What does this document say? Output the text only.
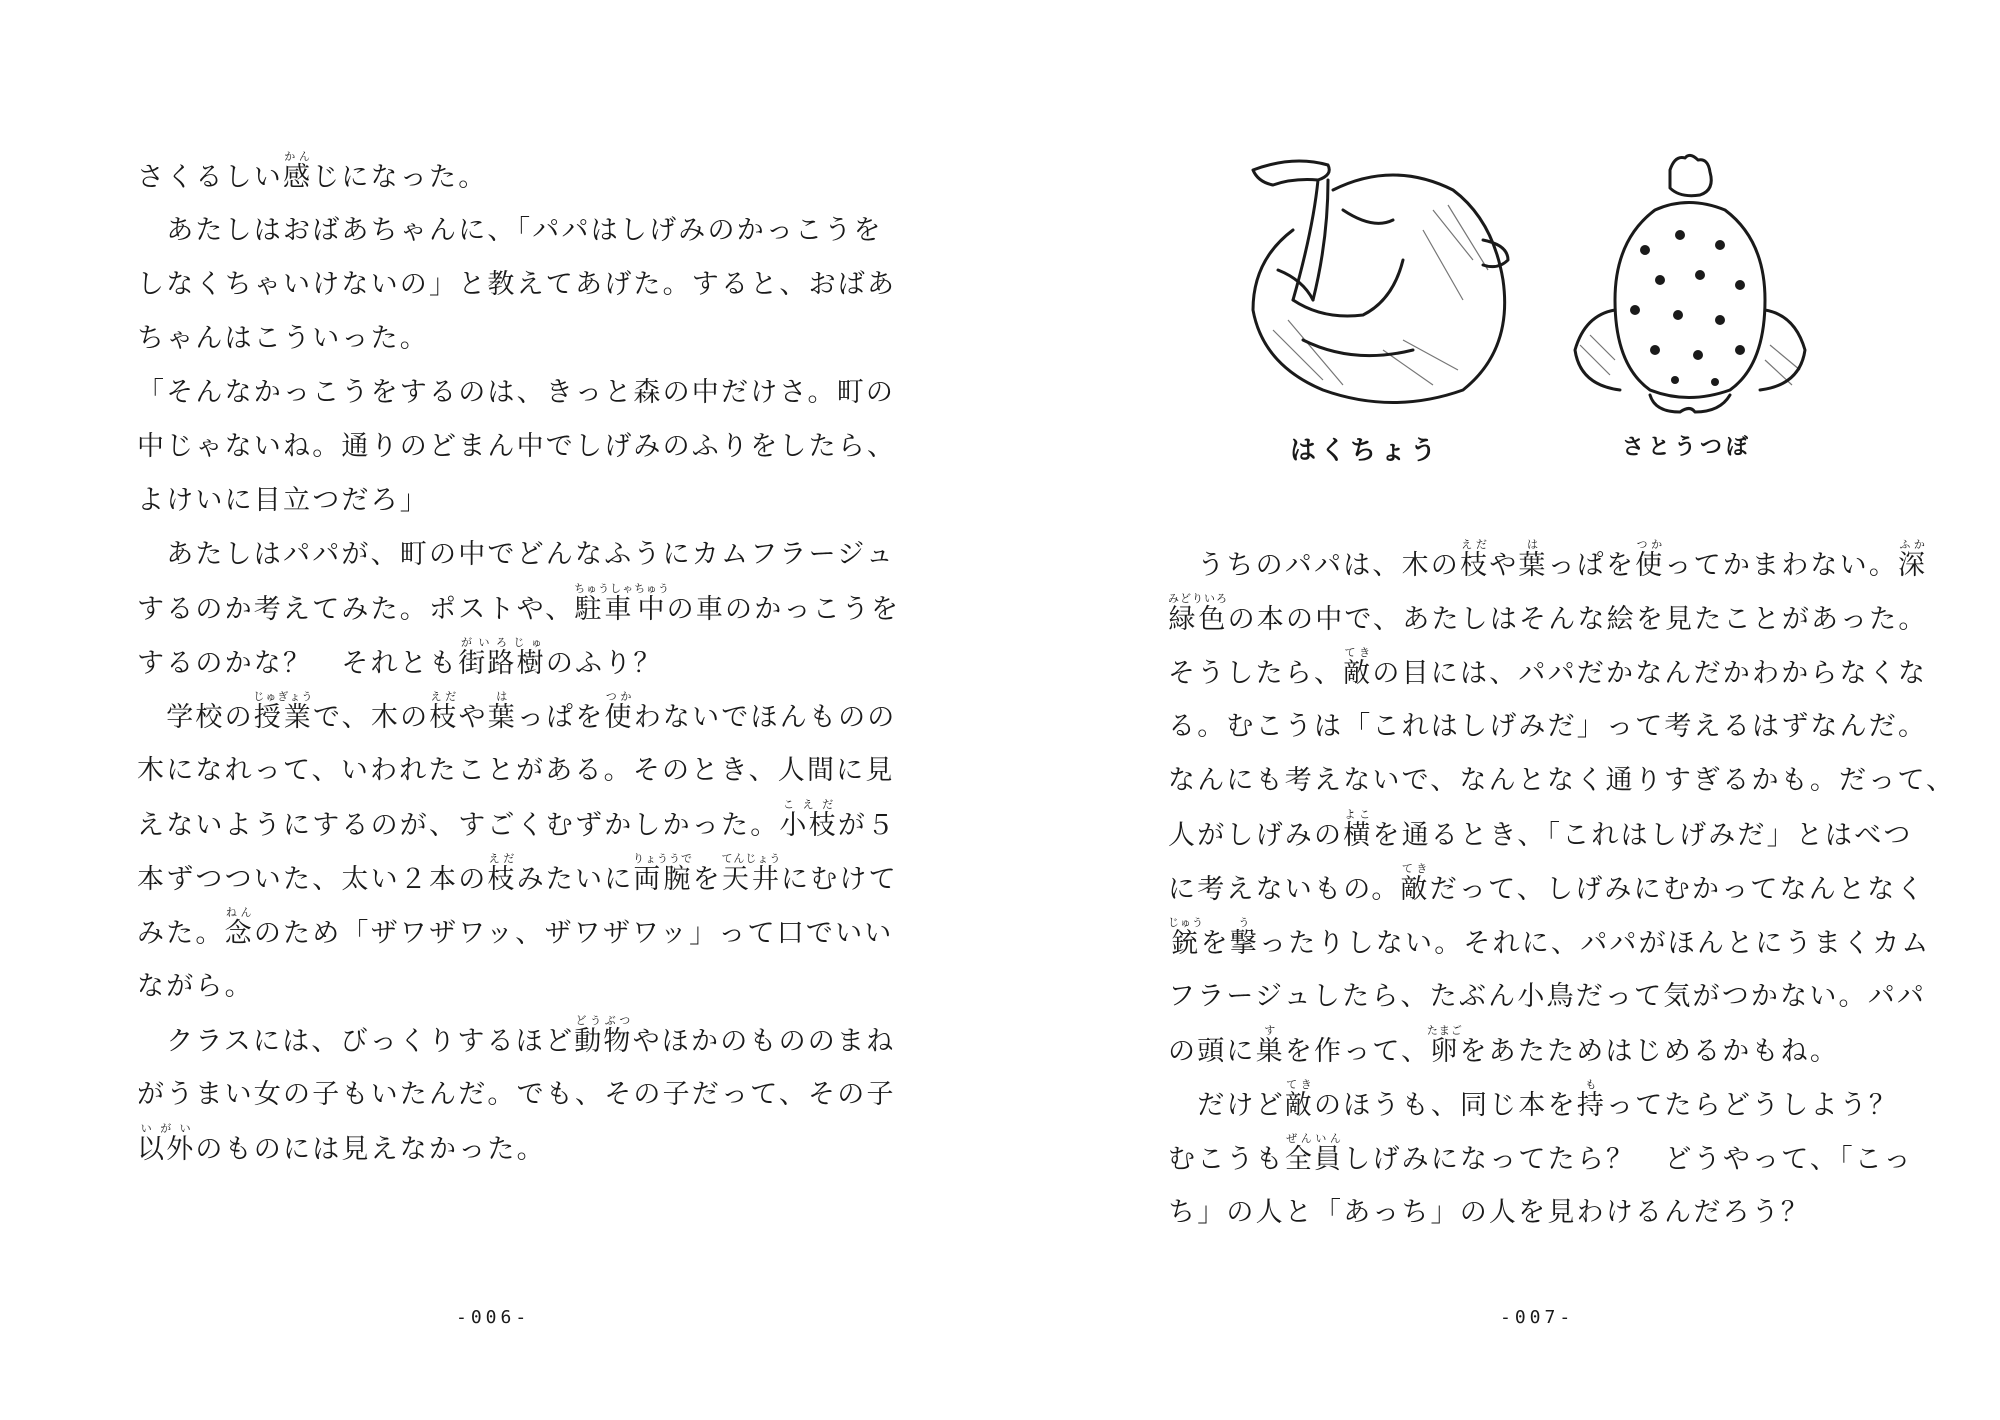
さくるしい感かんじになった。
　あたしはおばあちゃんに、「パパはしげみのかっこうを
しなくちゃいけないの」と教えてあげた。すると、おばあ
ちゃんはこういった。
「そんなかっこうをするのは、きっと森の中だけさ。町の
中じゃないね。通りのどまん中でしげみのふりをしたら、
よけいに目立つだろ」
　あたしはパパが、町の中でどんなふうにカムフラージュ
するのか考えてみた。ポストや、駐車ちゅうしゃ中ちゅうの車のかっこうを
するのかな？　それとも街路樹がいろじゅのふり？
　学校の授業じゅぎょうで、木の枝えだや葉はっぱを使つかわないでほんものの
木になれって、いわれたことがある。そのとき、人間に見
えないようにするのが、すごくむずかしかった。小枝こえだが５
本ずつついた、太い２本の枝えだみたいに両腕りょううでを天井てんじょうにむけて
みた。念ねんのため「ザワザワッ、ザワザワッ」って口でいい
ながら。
　クラスには、びっくりするほど動物どうぶつやほかのもののまね
がうまい女の子もいたんだ。でも、その子だって、その子
以外いがいのものには見えなかった。
-006-
はくちょう	さとうつぼ
　うちのパパは、木の枝えだや葉はっぱを使つかってかまわない。深ふか
緑色みどりいろの本の中で、あたしはそんな絵を見たことがあった。
そうしたら、敵てきの目には、パパだかなんだかわからなくな
る。むこうは「これはしげみだ」って考えるはずなんだ。
なんにも考えないで、なんとなく通りすぎるかも。だって、
人がしげみの横よこを通るとき、「これはしげみだ」とはべつ
に考えないもの。敵てきだって、しげみにむかってなんとなく
銃じゅうを撃うったりしない。それに、パパがほんとにうまくカム
フラージュしたら、たぶん小鳥だって気がつかない。パパ
の頭に巣すを作って、卵たまごをあたためはじめるかもね。
　だけど敵てきのほうも、同じ本を持もってたらどうしよう？
むこうも全員ぜんいんしげみになってたら？　どうやって、「こっ
ち」の人と「あっち」の人を見わけるんだろう？
-007-
